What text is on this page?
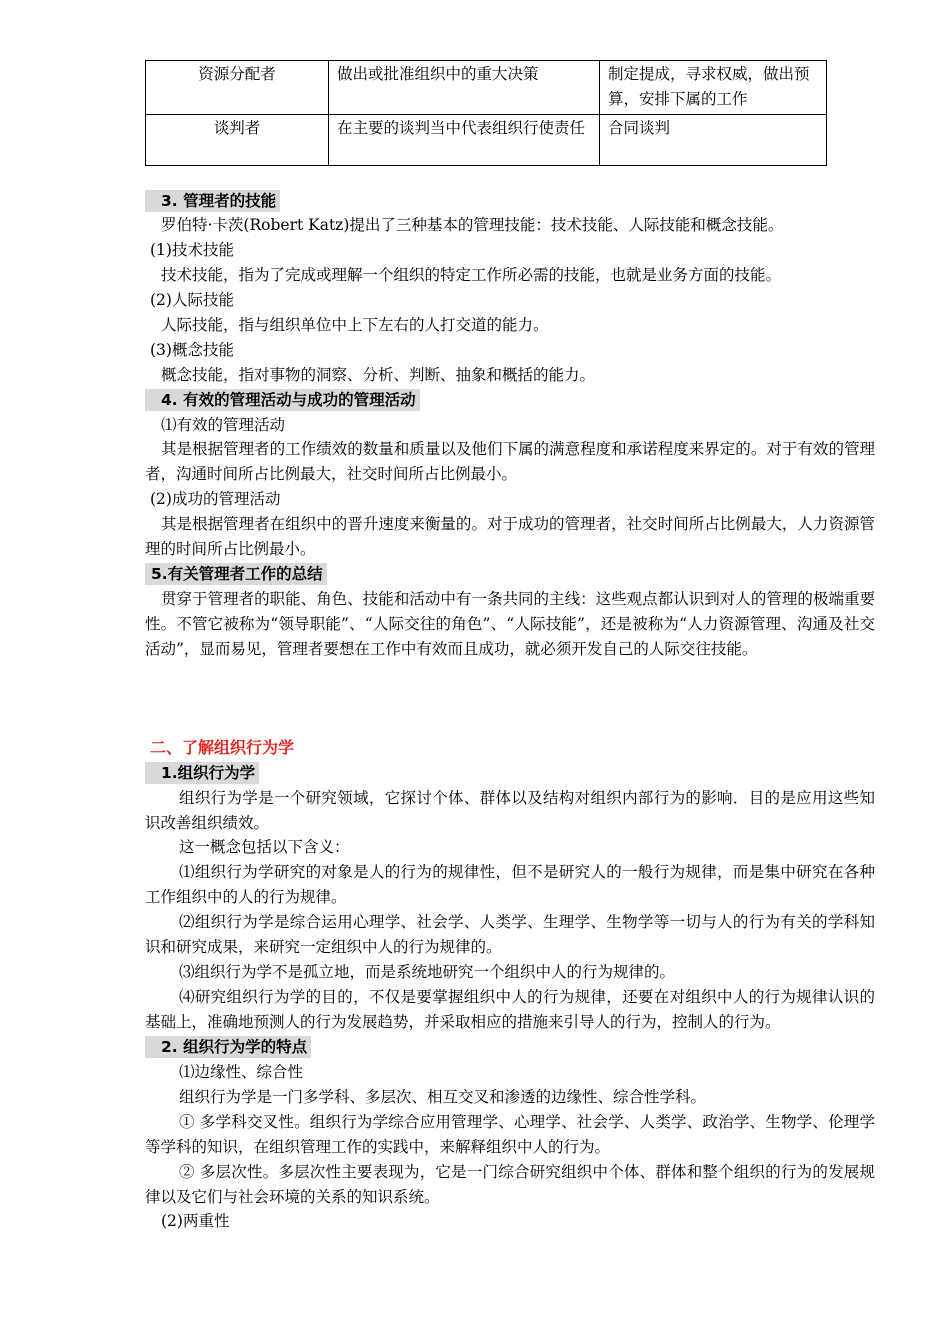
资源分配者	做出或批准组织中的重大决策	制定提成，寻求权威，做出预算，安排下属的工作
谈判者	在主要的谈判当中代表组织行使责任	合同谈判
3. 管理者的技能
罗伯特·卡茨(Robert Katz)提出了三种基本的管理技能：技术技能、人际技能和概念技能。
(1)技术技能
技术技能，指为了完成或理解一个组织的特定工作所必需的技能，也就是业务方面的技能。
(2)人际技能
人际技能，指与组织单位中上下左右的人打交道的能力。
(3)概念技能
概念技能，指对事物的洞察、分析、判断、抽象和概括的能力。
4. 有效的管理活动与成功的管理活动
⑴有效的管理活动
其是根据管理者的工作绩效的数量和质量以及他们下属的满意程度和承诺程度来界定的。对于有效的管理者，沟通时间所占比例最大，社交时间所占比例最小。
(2)成功的管理活动
其是根据管理者在组织中的晋升速度来衡量的。对于成功的管理者，社交时间所占比例最大，人力资源管理的时间所占比例最小。
5.有关管理者工作的总结
贯穿于管理者的职能、角色、技能和活动中有一条共同的主线：这些观点都认识到对人的管理的极端重要性。不管它被称为“领导职能”、“人际交往的角色”、“人际技能”，还是被称为“人力资源管理、沟通及社交活动”，显而易见，管理者要想在工作中有效而且成功，就必须开发自己的人际交往技能。
二、了解组织行为学
1.组织行为学
组织行为学是一个研究领域，它探讨个体、群体以及结构对组织内部行为的影响．目的是应用这些知识改善组织绩效。
这一概念包括以下含义：
⑴组织行为学研究的对象是人的行为的规律性，但不是研究人的一般行为规律，而是集中研究在各种工作组织中的人的行为规律。
⑵组织行为学是综合运用心理学、社会学、人类学、生理学、生物学等一切与人的行为有关的学科知识和研究成果，来研究一定组织中人的行为规律的。
⑶组织行为学不是孤立地，而是系统地研究一个组织中人的行为规律的。
⑷研究组织行为学的目的，不仅是要掌握组织中人的行为规律，还要在对组织中人的行为规律认识的基础上，准确地预测人的行为发展趋势，并采取相应的措施来引导人的行为，控制人的行为。
2. 组织行为学的特点
⑴边缘性、综合性
组织行为学是一门多学科、多层次、相互交叉和渗透的边缘性、综合性学科。
① 多学科交叉性。组织行为学综合应用管理学、心理学、社会学、人类学、政治学、生物学、伦理学等学科的知识，在组织管理工作的实践中，来解释组织中人的行为。
② 多层次性。多层次性主要表现为，它是一门综合研究组织中个体、群体和整个组织的行为的发展规律以及它们与社会环境的关系的知识系统。
(2)两重性
